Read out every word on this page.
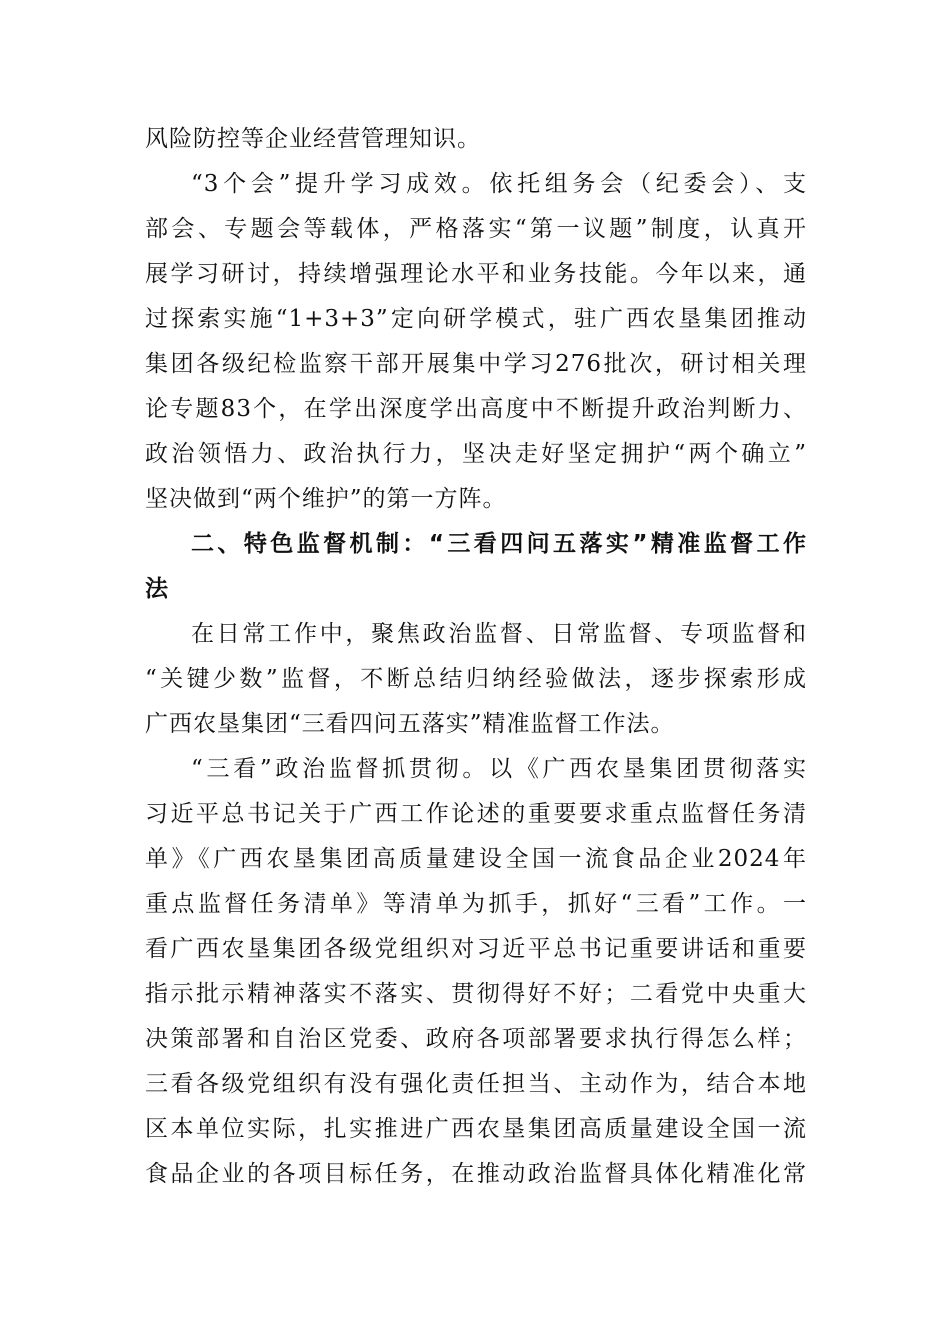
风险防控等企业经营管理知识。
“3个会”提升学习成效。依托组务会（纪委会）、支
部会、专题会等载体，严格落实“第一议题”制度，认真开
展学习研讨，持续增强理论水平和业务技能。今年以来，通
过探索实施“1+3+3”定向研学模式，驻广西农垦集团推动
集团各级纪检监察干部开展集中学习276批次，研讨相关理
论专题83个，在学出深度学出高度中不断提升政治判断力、
政治领悟力、政治执行力，坚决走好坚定拥护“两个确立”
坚决做到“两个维护”的第一方阵。
二、特色监督机制：“三看四问五落实”精准监督工作
法
在日常工作中，聚焦政治监督、日常监督、专项监督和
“关键少数”监督，不断总结归纳经验做法，逐步探索形成
广西农垦集团“三看四问五落实”精准监督工作法。
“三看”政治监督抓贯彻。以《广西农垦集团贯彻落实
习近平总书记关于广西工作论述的重要要求重点监督任务清
单》《广西农垦集团高质量建设全国一流食品企业2024年
重点监督任务清单》等清单为抓手，抓好“三看”工作。一
看广西农垦集团各级党组织对习近平总书记重要讲话和重要
指示批示精神落实不落实、贯彻得好不好；二看党中央重大
决策部署和自治区党委、政府各项部署要求执行得怎么样；
三看各级党组织有没有强化责任担当、主动作为，结合本地
区本单位实际，扎实推进广西农垦集团高质量建设全国一流
食品企业的各项目标任务，在推动政治监督具体化精准化常
